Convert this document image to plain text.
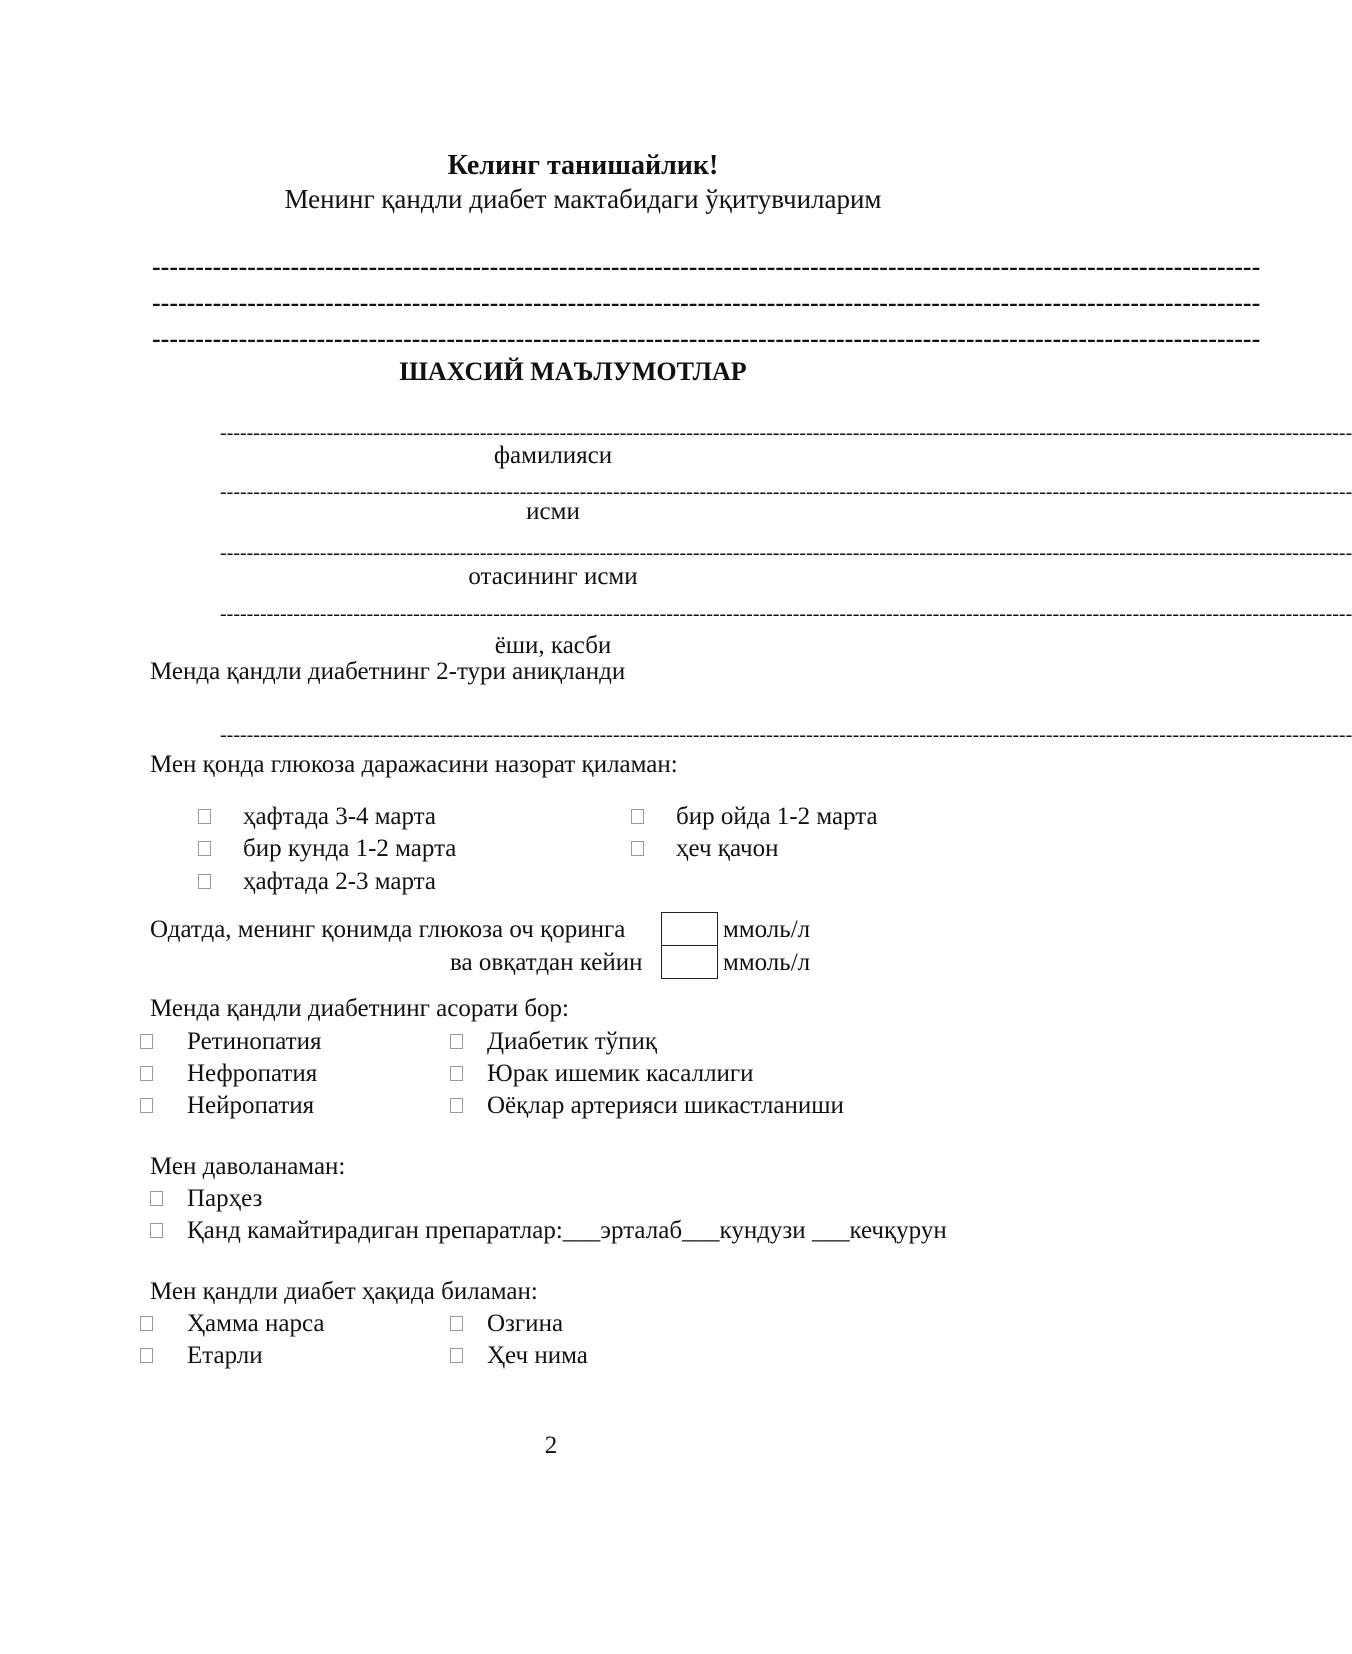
Келинг танишайлик!
Менинг қандли диабет мактабидаги ўқитувчиларим
--------------------------------------------------------------------------------------------------------------------------------
--------------------------------------------------------------------------------------------------------------------------------
--------------------------------------------------------------------------------------------------------------------------------
ШАХСИЙ МАЪЛУМОТЛАР
--------------------------------------------------------------------------------------------------------------------------------------------------------------------------
фамилияси
--------------------------------------------------------------------------------------------------------------------------------------------------------------------------
исми
--------------------------------------------------------------------------------------------------------------------------------------------------------------------------
отасининг исми
--------------------------------------------------------------------------------------------------------------------------------------------------------------------------
ёши, касби
Менда қандли диабетнинг 2-тури аниқланди
--------------------------------------------------------------------------------------------------------------------------------------------------------------------------
Мен қонда глюкоза даражасини назорат қиламан:
ҳафтада 3-4 марта
бир кунда 1-2 марта
ҳафтада 2-3 марта
бир ойда 1-2 марта
ҳеч қачон
Одатда, менинг қонимда глюкоза оч қоринга	ммоль/л
ва овқатдан кейин	ммоль/л
Менда қандли диабетнинг асорати бор:
Ретинопатия
Нефропатия
Нейропатия
Диабетик тўпиқ
Юрак ишемик касаллиги
Оёқлар артерияси шикастланиши
Мен даволанаман:
Парҳез
Қанд камайтирадиган препаратлар:___эрталаб___кундузи ___кечқурун
Мен қандли диабет ҳақида биламан:
Ҳамма нарса
Етарли
Озгина
Ҳеч нима
2
